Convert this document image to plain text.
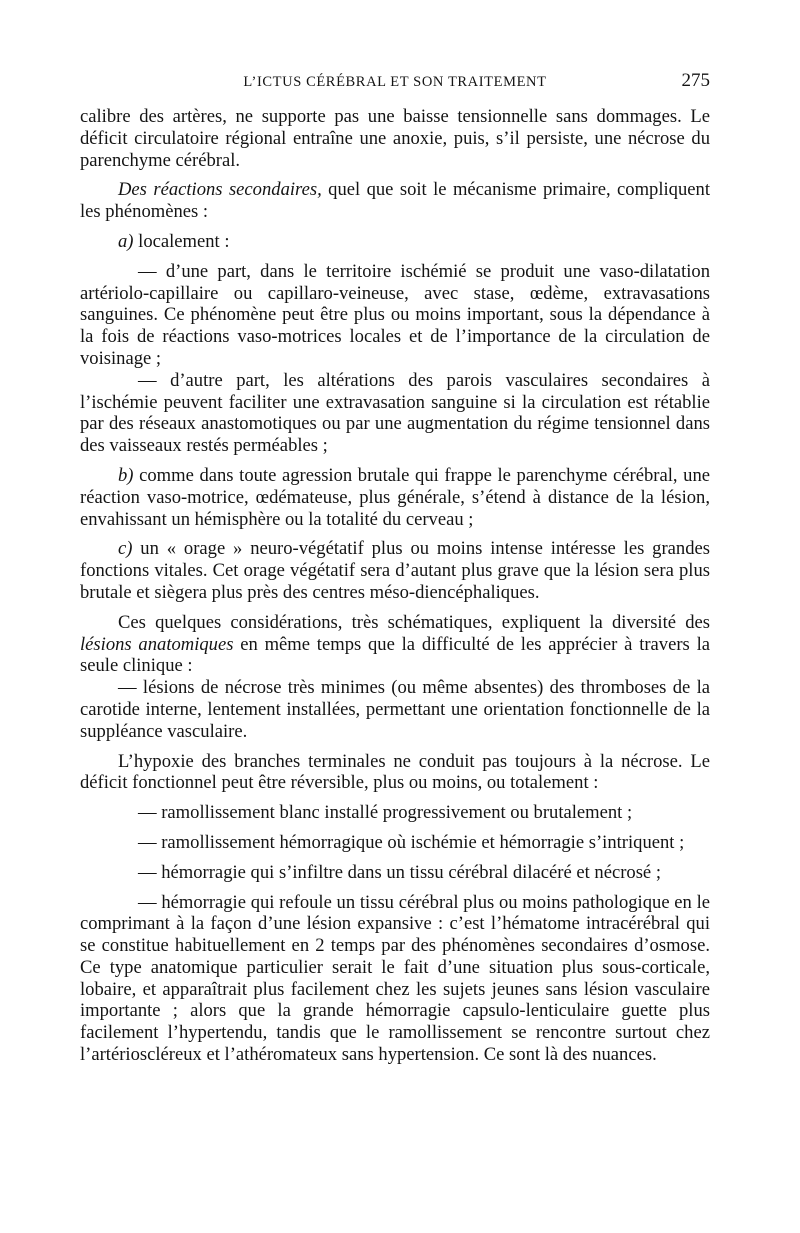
L’ICTUS CÉRÉBRAL ET SON TRAITEMENT	275

calibre des artères, ne supporte pas une baisse tensionnelle sans dommages. Le déficit circulatoire régional entraîne une anoxie, puis, s’il persiste, une nécrose du parenchyme cérébral.

Des réactions secondaires, quel que soit le mécanisme primaire, compliquent les phénomènes :

a) localement :

— d’une part, dans le territoire ischémié se produit une vaso-dilatation artériolo-capillaire ou capillaro-veineuse, avec stase, œdème, extravasations sanguines. Ce phénomène peut être plus ou moins important, sous la dépendance à la fois de réactions vaso-motrices locales et de l’importance de la circulation de voisinage ;

— d’autre part, les altérations des parois vasculaires secondaires à l’ischémie peuvent faciliter une extravasation sanguine si la circulation est rétablie par des réseaux anastomotiques ou par une augmentation du régime tensionnel dans des vaisseaux restés perméables ;

b) comme dans toute agression brutale qui frappe le parenchyme cérébral, une réaction vaso-motrice, œdémateuse, plus générale, s’étend à distance de la lésion, envahissant un hémisphère ou la totalité du cerveau ;

c) un « orage » neuro-végétatif plus ou moins intense intéresse les grandes fonctions vitales. Cet orage végétatif sera d’autant plus grave que la lésion sera plus brutale et siègera plus près des centres méso-diencéphaliques.

Ces quelques considérations, très schématiques, expliquent la diversité des lésions anatomiques en même temps que la difficulté de les apprécier à travers la seule clinique :

— lésions de nécrose très minimes (ou même absentes) des thromboses de la carotide interne, lentement installées, permettant une orientation fonctionnelle de la suppléance vasculaire.

L’hypoxie des branches terminales ne conduit pas toujours à la nécrose. Le déficit fonctionnel peut être réversible, plus ou moins, ou totalement :

— ramollissement blanc installé progressivement ou brutalement ;

— ramollissement hémorragique où ischémie et hémorragie s’intriquent ;

— hémorragie qui s’infiltre dans un tissu cérébral dilacéré et nécrosé ;

— hémorragie qui refoule un tissu cérébral plus ou moins pathologique en le comprimant à la façon d’une lésion expansive : c’est l’hématome intracérébral qui se constitue habituellement en 2 temps par des phénomènes secondaires d’osmose. Ce type anatomique particulier serait le fait d’une situation plus sous-corticale, lobaire, et apparaîtrait plus facilement chez les sujets jeunes sans lésion vasculaire importante ; alors que la grande hémorragie capsulo-lenticulaire guette plus facilement l’hypertendu, tandis que le ramollissement se rencontre surtout chez l’artérioscléreux et l’athéromateux sans hypertension. Ce sont là des nuances.
